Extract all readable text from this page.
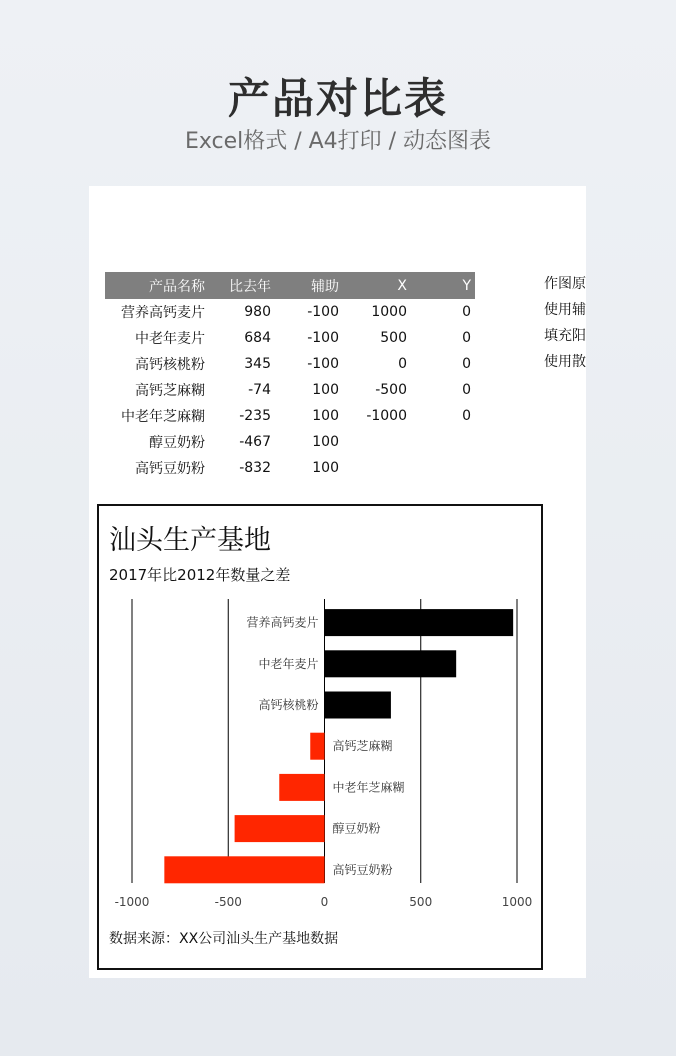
产品对比表
Excel格式 / A4打印 / 动态图表
产品名称	比去年	辅助	X	Y
营养高钙麦片	980	-100	1000	0
中老年麦片	684	-100	500	0
高钙核桃粉	345	-100	0	0
高钙芝麻糊	-74	100	-500	0
中老年芝麻糊	-235	100	-1000	0
醇豆奶粉	-467	100		
高钙豆奶粉	-832	100		
作图原
使用辅
填充阳
使用散
汕头生产基地
2017年比2012年数量之差
-1000	-500	0	500	1000
营养高钙麦片
中老年麦片
高钙核桃粉
高钙芝麻糊
中老年芝麻糊
醇豆奶粉
高钙豆奶粉
数据来源：XX公司汕头生产基地数据
